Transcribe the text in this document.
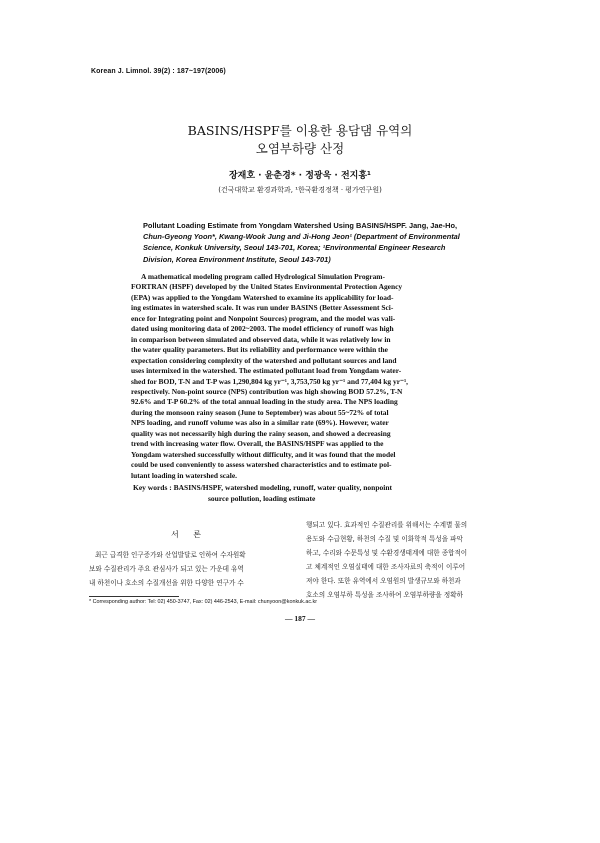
Korean J. Limnol. 39(2) : 187~197(2006)
BASINS/HSPF를 이용한 용담댐 유역의
오염부하량 산정
장재호 · 윤춘경* · 정광욱 · 전지홍¹
(건국대학교 환경과학과, ¹한국환경정책 · 평가연구원)
Pollutant Loading Estimate from Yongdam Watershed Using BASINS/HSPF. Jang, Jae-Ho,
Chun-Gyeong Yoon*, Kwang-Wook Jung and Ji-Hong Jeon¹ (Department of Environmental
Science, Konkuk University, Seoul 143-701, Korea; ¹Environmental Engineer Research
Division, Korea Environment Institute, Seoul 143-701)
A mathematical modeling program called Hydrological Simulation Program-
FORTRAN (HSPF) developed by the United States Environmental Protection Agency
(EPA) was applied to the Yongdam Watershed to examine its applicability for load-
ing estimates in watershed scale. It was run under BASINS (Better Assessment Sci-
ence for Integrating point and Nonpoint Sources) program, and the model was vali-
dated using monitoring data of 2002~2003. The model efficiency of runoff was high
in comparison between simulated and observed data, while it was relatively low in
the water quality parameters. But its reliability and performance were within the
expectation considering complexity of the watershed and pollutant sources and land
uses intermixed in the watershed. The estimated pollutant load from Yongdam water-
shed for BOD, T-N and T-P was 1,290,804 kg yr⁻¹, 3,753,750 kg yr⁻¹ and 77,404 kg yr⁻¹,
respectively. Non-point source (NPS) contribution was high showing BOD 57.2%, T-N
92.6% and T-P 60.2% of the total annual loading in the study area. The NPS loading
during the monsoon rainy season (June to September) was about 55~72% of total
NPS loading, and runoff volume was also in a similar rate (69%). However, water
quality was not necessarily high during the rainy season, and showed a decreasing
trend with increasing water flow. Overall, the BASINS/HSPF was applied to the
Yongdam watershed successfully without difficulty, and it was found that the model
could be used conveniently to assess watershed characteristics and to estimate pol-
lutant loading in watershed scale.
Key words : BASINS/HSPF, watershed modeling, runoff, water quality, nonpoint
source pollution, loading estimate
서 론
최근 급격한 인구증가와 산업발달로 인하여 수자원확
보와 수질관리가 주요 관심사가 되고 있는 가운데 유역
내 하천이나 호소의 수질개선을 위한 다양한 연구가 수
행되고 있다. 효과적인 수질관리를 위해서는 수계별 물의
용도와 수급현황, 하천의 수질 및 이화학적 특성을 파악
하고, 수리와 수문특성 및 수환경생태계에 대한 종합적이
고 체계적인 오염실태에 대한 조사자료의 축적이 이루어
져야 한다. 또한 유역에서 오염원의 발생규모와 하천과
호소의 오염부하 특성을 조사하여 오염부하량을 정확하
* Corresponding author: Tel: 02) 450-3747, Fax: 02) 446-2543, E-mail: chunyoon@konkuk.ac.kr
— 187 —
